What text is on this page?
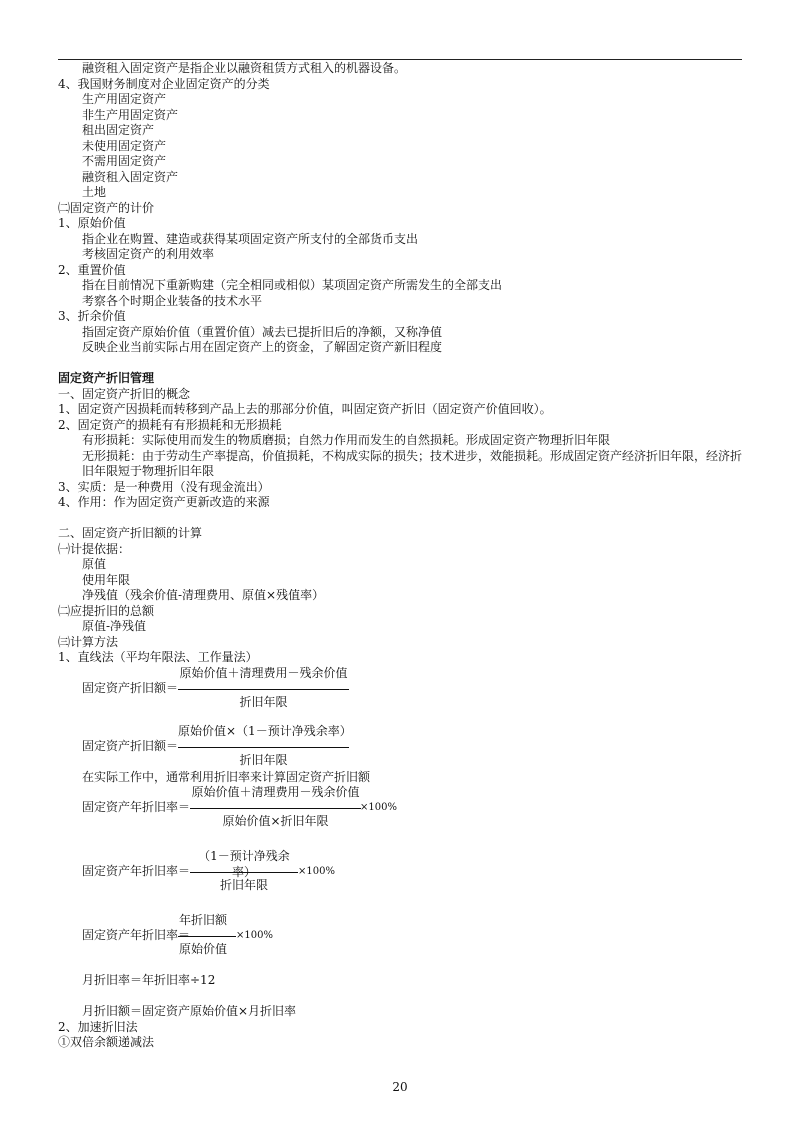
融资租入固定资产是指企业以融资租赁方式租入的机器设备。
4、我国财务制度对企业固定资产的分类
生产用固定资产
非生产用固定资产
租出固定资产
未使用固定资产
不需用固定资产
融资租入固定资产
土地
㈡固定资产的计价
1、原始价值
指企业在购置、建造或获得某项固定资产所支付的全部货币支出
考核固定资产的利用效率
2、重置价值
指在目前情况下重新购建（完全相同或相似）某项固定资产所需发生的全部支出
考察各个时期企业装备的技术水平
3、折余价值
指固定资产原始价值（重置价值）减去已提折旧后的净额，又称净值
反映企业当前实际占用在固定资产上的资金，了解固定资产新旧程度
固定资产折旧管理
一、固定资产折旧的概念
1、固定资产因损耗而转移到产品上去的那部分价值，叫固定资产折旧（固定资产价值回收）。
2、固定资产的损耗有有形损耗和无形损耗
有形损耗：实际使用而发生的物质磨损；自然力作用而发生的自然损耗。形成固定资产物理折旧年限
无形损耗：由于劳动生产率提高，价值损耗，不构成实际的损失；技术进步，效能损耗。形成固定资产经济折旧年限，经济折旧年限短于物理折旧年限
3、实质：是一种费用（没有现金流出）
4、作用：作为固定资产更新改造的来源
二、固定资产折旧额的计算
㈠计提依据：
原值
使用年限
净残值（残余价值-清理费用、原值×残值率）
㈡应提折旧的总额
原值-净残值
㈢计算方法
1、直线法（平均年限法、工作量法）
原始价值＋清理费用－残余价值
固定资产折旧额＝
折旧年限
原始价值×（1－预计净残余率）
固定资产折旧额＝
折旧年限
在实际工作中，通常利用折旧率来计算固定资产折旧额
原始价值＋清理费用－残余价值
固定资产年折旧率＝	×100%
原始价值×折旧年限
（1－预计净残余率）
固定资产年折旧率＝	×100%
折旧年限
年折旧额
固定资产年折旧率＝	×100%
原始价值
月折旧率＝年折旧率÷12
月折旧额＝固定资产原始价值×月折旧率
2、加速折旧法
①双倍余额递减法
20
